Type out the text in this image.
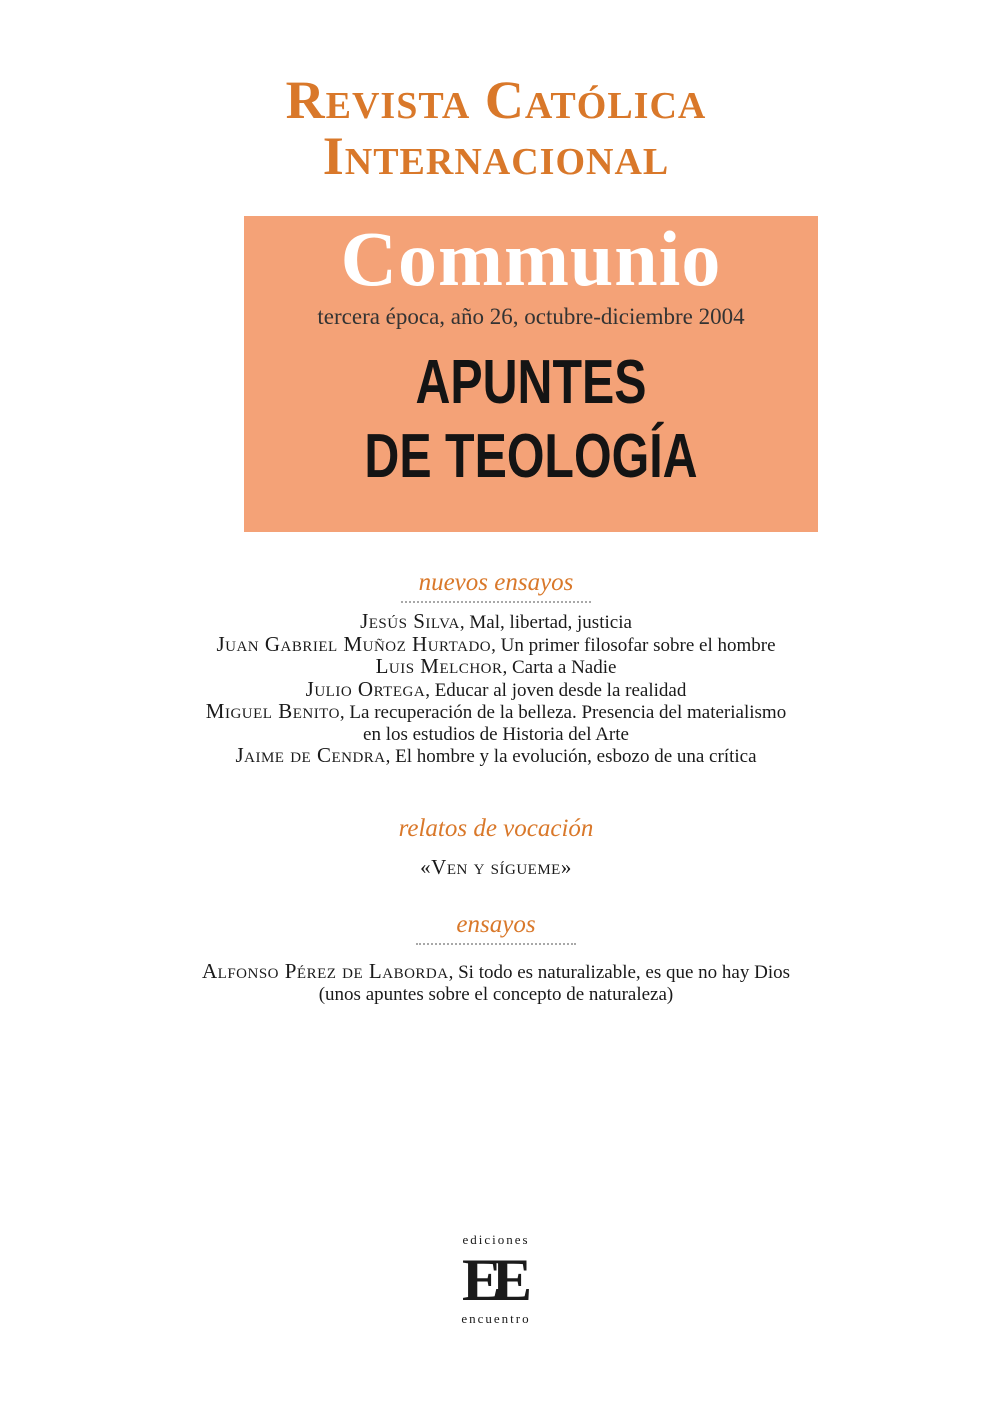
Revista Católica
Internacional
Communio
tercera época, año 26, octubre-diciembre 2004
APUNTES
DE TEOLOGÍA
nuevos ensayos
Jesús Silva, Mal, libertad, justicia
Juan Gabriel Muñoz Hurtado, Un primer filosofar sobre el hombre
Luis Melchor, Carta a Nadie
Julio Ortega, Educar al joven desde la realidad
Miguel Benito, La recuperación de la belleza. Presencia del materialismo
en los estudios de Historia del Arte
Jaime de Cendra, El hombre y la evolución, esbozo de una crítica
relatos de vocación
«Ven y sígueme»
ensayos
Alfonso Pérez de Laborda, Si todo es naturalizable, es que no hay Dios
(unos apuntes sobre el concepto de naturaleza)
ediciones
EE
encuentro
